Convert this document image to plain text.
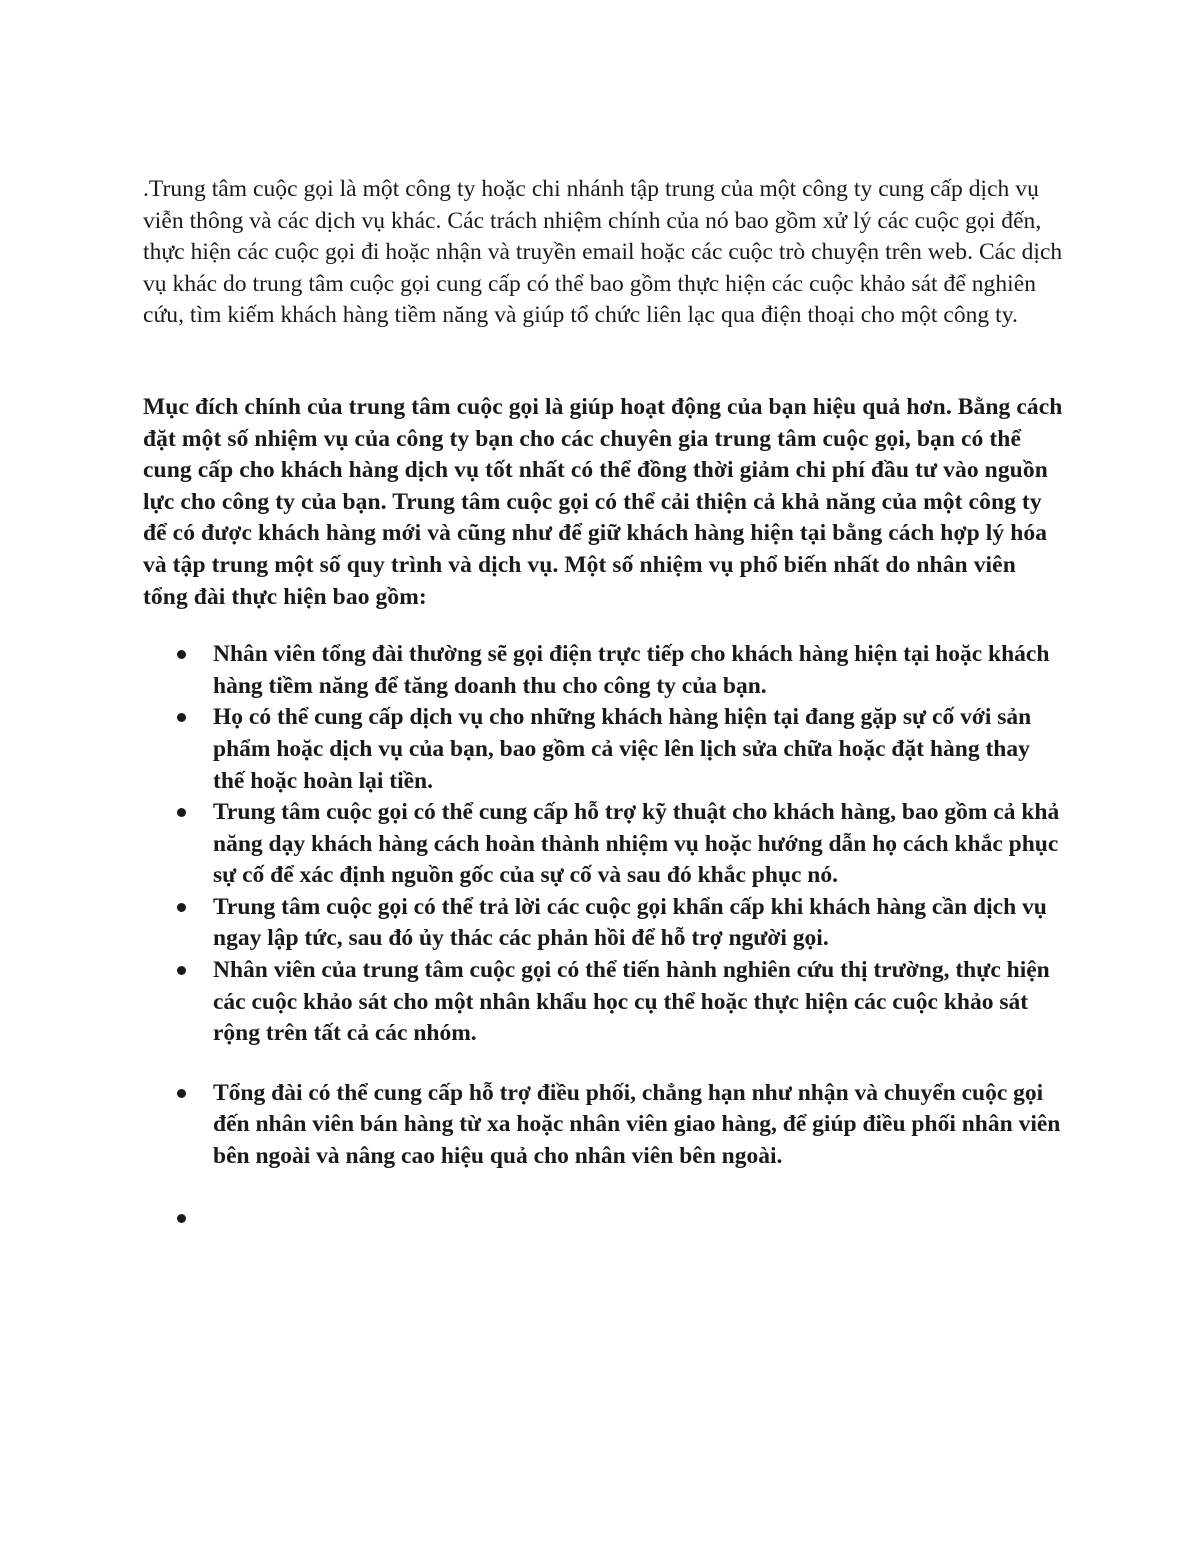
.Trung tâm cuộc gọi là một công ty hoặc chi nhánh tập trung của một công ty cung cấp dịch vụ viễn thông và các dịch vụ khác. Các trách nhiệm chính của nó bao gồm xử lý các cuộc gọi đến, thực hiện các cuộc gọi đi hoặc nhận và truyền email hoặc các cuộc trò chuyện trên web. Các dịch vụ khác do trung tâm cuộc gọi cung cấp có thể bao gồm thực hiện các cuộc khảo sát để nghiên cứu, tìm kiếm khách hàng tiềm năng và giúp tổ chức liên lạc qua điện thoại cho một công ty.

Mục đích chính của trung tâm cuộc gọi là giúp hoạt động của bạn hiệu quả hơn. Bằng cách đặt một số nhiệm vụ của công ty bạn cho các chuyên gia trung tâm cuộc gọi, bạn có thể cung cấp cho khách hàng dịch vụ tốt nhất có thể đồng thời giảm chi phí đầu tư vào nguồn lực cho công ty của bạn. Trung tâm cuộc gọi có thể cải thiện cả khả năng của một công ty để có được khách hàng mới và cũng như để giữ khách hàng hiện tại bằng cách hợp lý hóa và tập trung một số quy trình và dịch vụ. Một số nhiệm vụ phổ biến nhất do nhân viên tổng đài thực hiện bao gồm:

Nhân viên tổng đài thường sẽ gọi điện trực tiếp cho khách hàng hiện tại hoặc khách hàng tiềm năng để tăng doanh thu cho công ty của bạn.
Họ có thể cung cấp dịch vụ cho những khách hàng hiện tại đang gặp sự cố với sản phẩm hoặc dịch vụ của bạn, bao gồm cả việc lên lịch sửa chữa hoặc đặt hàng thay thế hoặc hoàn lại tiền.
Trung tâm cuộc gọi có thể cung cấp hỗ trợ kỹ thuật cho khách hàng, bao gồm cả khả năng dạy khách hàng cách hoàn thành nhiệm vụ hoặc hướng dẫn họ cách khắc phục sự cố để xác định nguồn gốc của sự cố và sau đó khắc phục nó.
Trung tâm cuộc gọi có thể trả lời các cuộc gọi khẩn cấp khi khách hàng cần dịch vụ ngay lập tức, sau đó ủy thác các phản hồi để hỗ trợ người gọi.
Nhân viên của trung tâm cuộc gọi có thể tiến hành nghiên cứu thị trường, thực hiện các cuộc khảo sát cho một nhân khẩu học cụ thể hoặc thực hiện các cuộc khảo sát rộng trên tất cả các nhóm.
Tổng đài có thể cung cấp hỗ trợ điều phối, chẳng hạn như nhận và chuyển cuộc gọi đến nhân viên bán hàng từ xa hoặc nhân viên giao hàng, để giúp điều phối nhân viên bên ngoài và nâng cao hiệu quả cho nhân viên bên ngoài.
